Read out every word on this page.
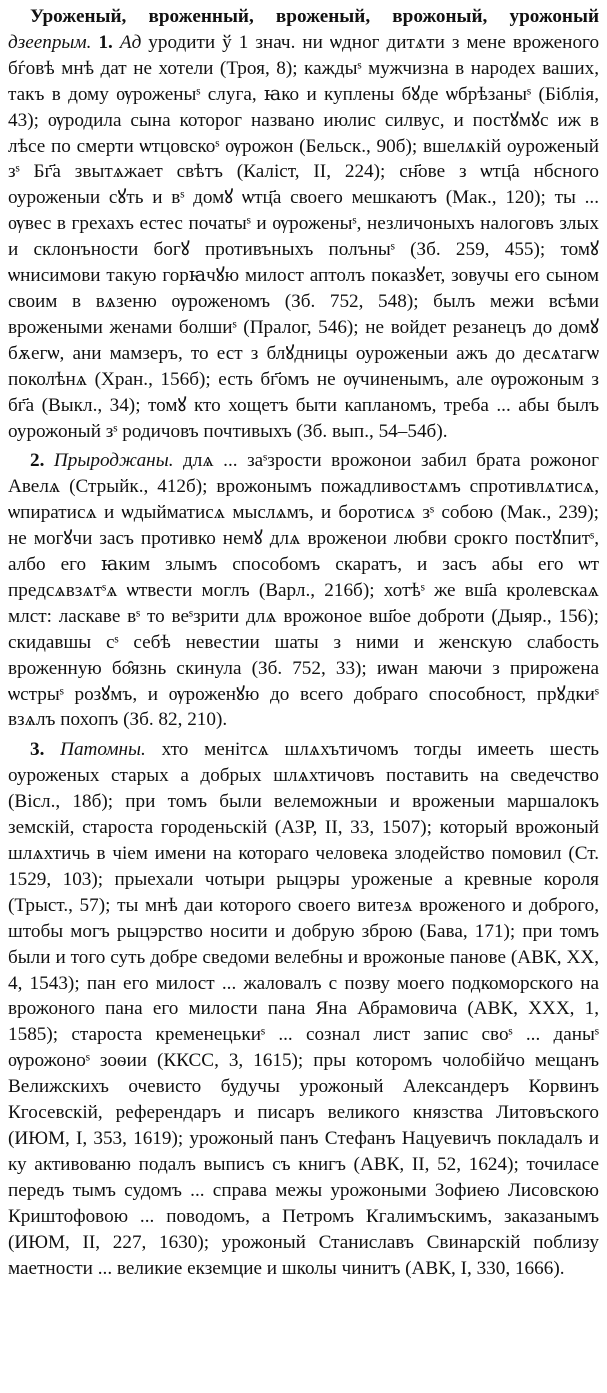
Уроженый, вроженный, вроженый, врожоный, урожоный дзеепрым. 1. Ад уродити ў 1 знач. ни ѡдног дитѧти з мене вроженого бѓовѣ мнѣ дат не хотели (Троя, 8); каждыˢ мужчизна в народех ваших, такъ в дому ѹроженыˢ слуга, ꙗко и куплены бꙋде ѡбрѣзаныˢ (Біблія, 43); ѹродила сына которог названо июлис силвус, и постꙋмꙋс иж в лѣсе по смерти ѡтцовскоˢ ѹрожон (Бельск., 90б); вшелѧкій оуроженый зˢ Бг҃а звытѧжает свѣтъ (Каліст, II, 224); сн҃ове з ѡтц҃а нбсного оуроженыи сꙋть и вˢ домꙋ ѡтц҃а своего мешкаютъ (Мак., 120); ты ... ѹвес в грехахъ естес початыˢ и ѹроженыˢ, незличоныхъ налоговъ злых и склонъности богꙋ противъныхъ полъныˢ (Зб. 259, 455); томꙋ ѡнисимови такую горꙗчꙋю милост аптолъ показꙋет, зовучы его сыном своим в вѧзеню ѹроженомъ (Зб. 752, 548); былъ межи всѣми врожеными женами болшиˢ (Пралог, 546); не войдет резанецъ до домꙋ бѫегѡ, ани мамзеръ, то ест з блꙋдницы оуроженыи ажъ до десѧтагѡ поколѣнѧ (Хран., 156б); есть бг҃омъ не ѹчиненымъ, але ѹрожоным з бг҃а (Выкл., 34); томꙋ кто хощетъ быти капланомъ, треба ... абы былъ оурожоный зˢ родичовъ почтивыхъ (Зб. вып., 54–54б).

2. Прыроджаны. длѧ ... заˢзрости врожонои забил брата рожоног Авелѧ (Стрыйк., 412б); врожонымъ пожадливостѧмъ спротивлѧтисѧ, ѡпиратисѧ и ѡдыйматисѧ мыслѧмъ, и боротисѧ зˢ собою (Мак., 239); не могꙋчи засъ противко немꙋ длѧ вроженои любви срокго постꙋпитˢ, албо его ꙗким злымъ способомъ скаратъ, и засъ абы его ѡт предсѧвзѧтˢѧ ѡтвести моглъ (Варл., 216б); хотѣˢ же вш҃а кролевскаѧ млст: ласкаве вˢ то веˢзрити длѧ врожоное вш҃ое доброти (Дыяр., 156); скидавшы сˢ себѣ невестии шаты з ними и женскую слабость вроженную бо̑язнь скинула (Зб. 752, 33); иѡан маючи з прирожена ѡстрыˢ розꙋмъ, и ѹроженꙋю до всего добраго способност, прꙋдкиˢ взѧлъ похопъ (Зб. 82, 210).

3. Патомны. хто менітсѧ шлѧхътичомъ тогды имееть шесть оуроженых старых а добрых шлѧхтичовъ поставить на сведечство (Вісл., 18б); при томъ были велеможныи и вроженыи маршалокъ земскій, староста городеньскій (АЗР, II, 33, 1507); который врожоный шлѧхтичь в чіем имени на котораго человека злодейство помовил (Ст. 1529, 103); прыехали чотыри рыцэры уроженые а кревные короля (Трыст., 57); ты мнѣ даи которого своего витезѧ вроженого и доброго, штобы могъ рыцэрство носити и добрую зброю (Бава, 171); при томъ были и того суть добре сведоми велебны и врожоные панове (АВК, XX, 4, 1543); пан его милост ... жаловалъ с позву моего подкоморского на врожоного пана его милости пана Яна Абрамовича (АВК, XXX, 1, 1585); староста кременецькиˢ ... сознал лист запис своˢ ... даныˢ ѹрожоноˢ зоѳии (ККСС, 3, 1615); пры которомъ чолобійчо мещанъ Велижскихъ очевисто будучы урожоный Александеръ Корвинъ Кгосевскій, референдаръ и писаръ великого князства Литовъского (ИЮМ, I, 353, 1619); урожоный панъ Стефанъ Нацуевичъ покладалъ и ку активованю подалъ выписъ съ книгъ (АВК, II, 52, 1624); точиласе передъ тымъ судомъ ... справа межы урожоными Зофиею Лисовскою Криштофовою ... поводомъ, а Петромъ Кгалимъскимъ, заказанымъ (ИЮМ, II, 227, 1630); урожоный Станиславъ Свинарскій поблизу маетности ... великие екземцие и школы чинитъ (АВК, I, 330, 1666).
